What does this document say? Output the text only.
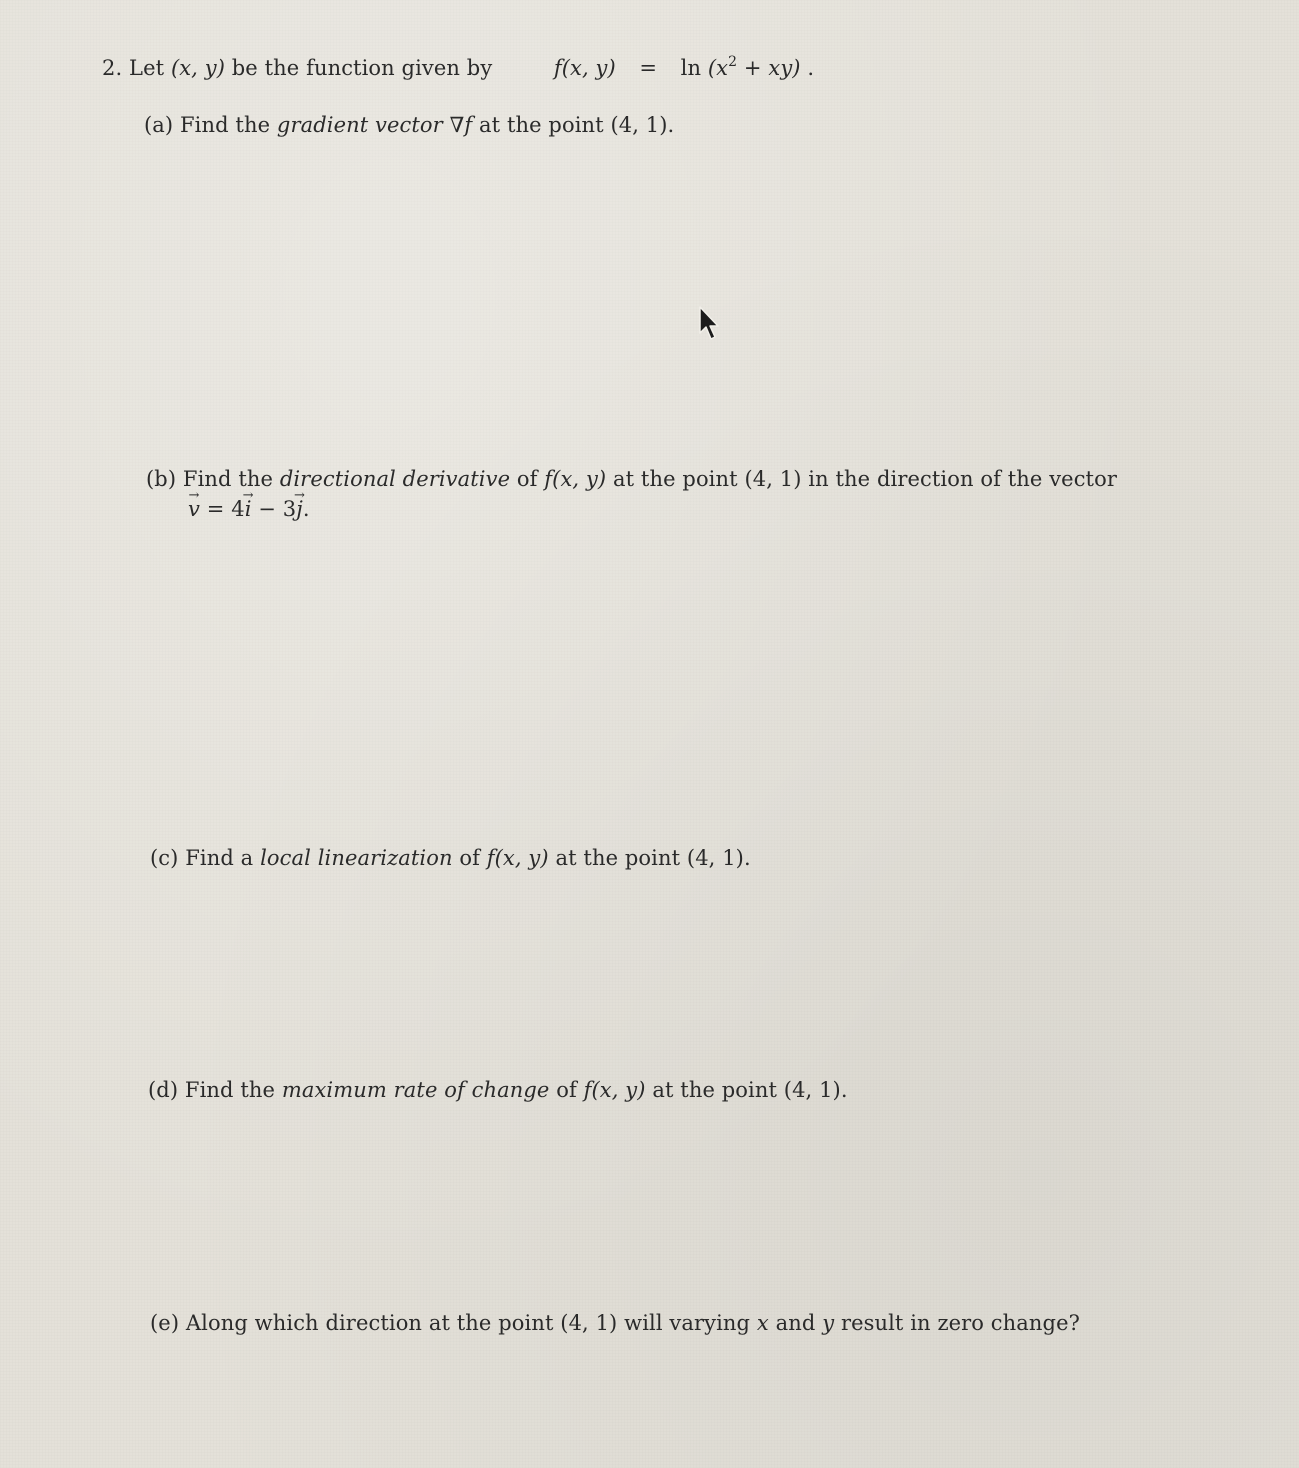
2. Let (x, y) be the function given by	f(x, $y) = \ln (x^2 + xy)$ .
(a) Find the gradient vector ∇f at the point (4, 1).
(b) Find the directional derivative of f(x, y) at the point (4, 1) in the direction of the vector
→ v = 4→ i − 3→ j.
(c) Find a local linearization of f(x, y) at the point (4, 1).
(d) Find the maximum rate of change of f(x, y) at the point (4, 1).
(e) Along which direction at the point (4, 1) will varying x and y result in zero change?
